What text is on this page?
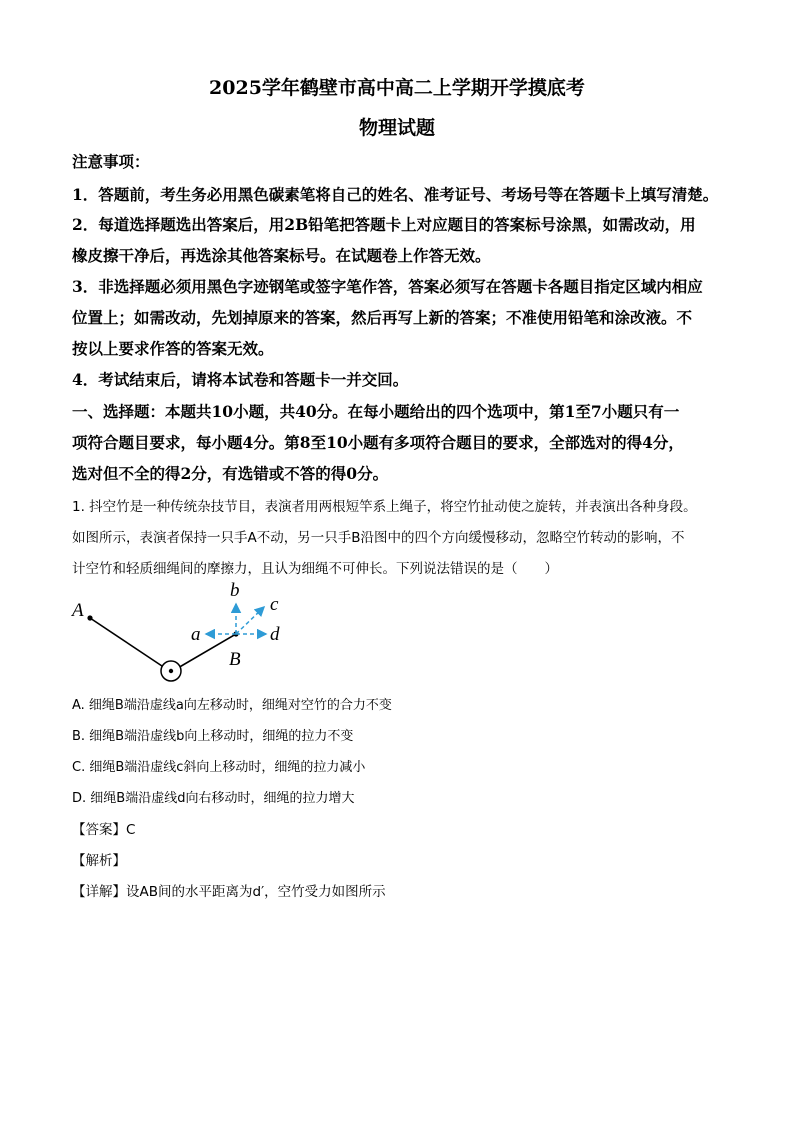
2025学年鹤壁市高中高二上学期开学摸底考
物理试题
注意事项：
1．答题前，考生务必用黑色碳素笔将自己的姓名、准考证号、考场号等在答题卡上填写清楚。
2．每道选择题选出答案后，用2B铅笔把答题卡上对应题目的答案标号涂黑，如需改动，用
橡皮擦干净后，再选涂其他答案标号。在试题卷上作答无效。
3．非选择题必须用黑色字迹钢笔或签字笔作答，答案必须写在答题卡各题目指定区域内相应
位置上；如需改动，先划掉原来的答案，然后再写上新的答案；不准使用铅笔和涂改液。不
按以上要求作答的答案无效。
4．考试结束后，请将本试卷和答题卡一并交回。
一、选择题：本题共10小题，共40分。在每小题给出的四个选项中，第1至7小题只有一
项符合题目要求，每小题4分。第8至10小题有多项符合题目的要求，全部选对的得4分，
选对但不全的得2分，有选错或不答的得0分。
1. 抖空竹是一种传统杂技节目，表演者用两根短竿系上绳子，将空竹扯动使之旋转，并表演出各种身段。
如图所示，表演者保持一只手A不动，另一只手B沿图中的四个方向缓慢移动，忽略空竹转动的影响，不
计空竹和轻质细绳间的摩擦力，且认为细绳不可伸长。下列说法错误的是（　　）
A
B
a
b
c
d
A. 细绳B端沿虚线a向左移动时，细绳对空竹的合力不变
B. 细绳B端沿虚线b向上移动时，细绳的拉力不变
C. 细绳B端沿虚线c斜向上移动时，细绳的拉力减小
D. 细绳B端沿虚线d向右移动时，细绳的拉力增大
【答案】C
【解析】
【详解】设AB间的水平距离为d′，空竹受力如图所示
